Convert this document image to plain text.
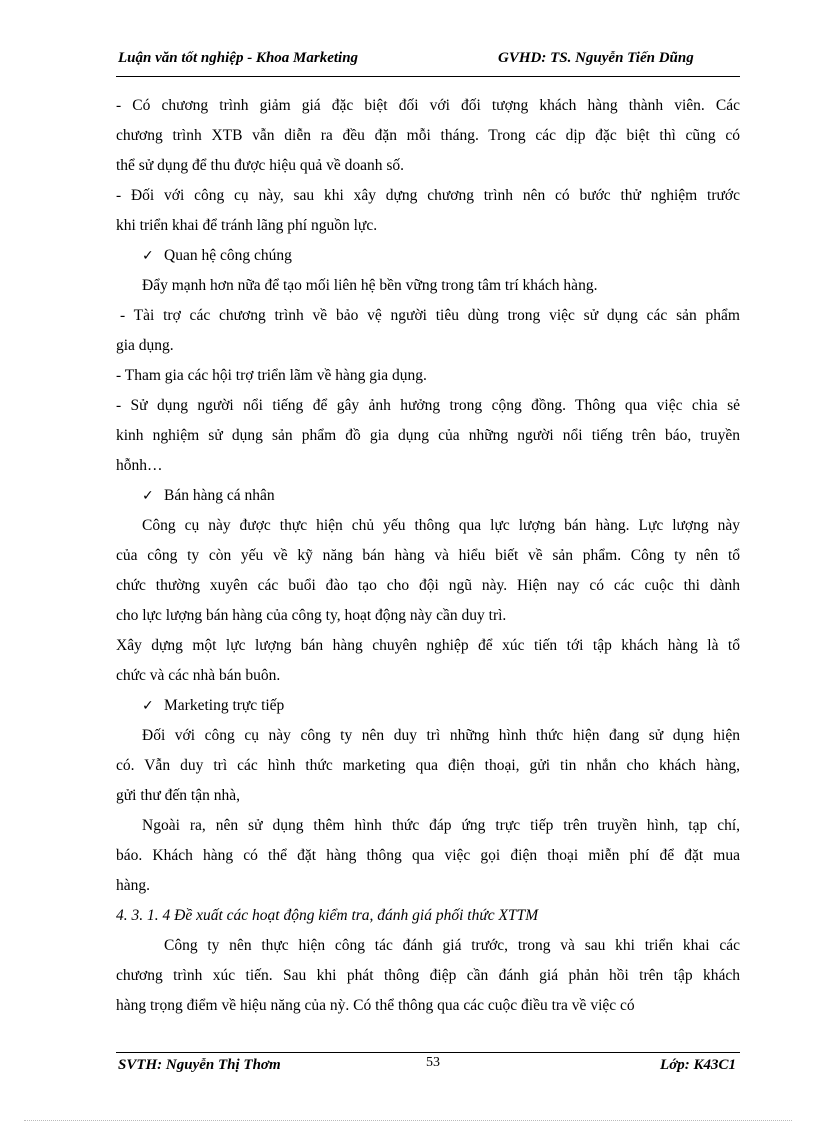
Luận văn tốt nghiệp - Khoa Marketing	GVHD: TS. Nguyễn Tiến Dũng
- Có chương trình giảm giá đặc biệt đối với đối tượng khách hàng thành viên. Các
chương trình XTB vẫn diễn ra đều đặn mỗi tháng. Trong các dịp đặc biệt thì cũng có
thể sử dụng để thu được hiệu quả về doanh số.
- Đối với công cụ này, sau khi xây dựng chương trình nên có bước thử nghiệm trước
khi triển khai để tránh lãng phí nguồn lực.
✓ Quan hệ công chúng
Đẩy mạnh hơn nữa để tạo mối liên hệ bền vững trong tâm trí khách hàng.
- Tài trợ các chương trình về bảo vệ người tiêu dùng trong việc sử dụng các sản phẩm
gia dụng.
- Tham gia các hội trợ triển lãm về hàng gia dụng.
- Sử dụng người nổi tiếng để gây ảnh hưởng trong cộng đồng. Thông qua việc chia sẻ
kinh nghiệm sử dụng sản phẩm đồ gia dụng của những người nổi tiếng trên báo, truyền
hỗnh…
✓ Bán hàng cá nhân
Công cụ này được thực hiện chủ yếu thông qua lực lượng bán hàng. Lực lượng này
của công ty còn yếu về kỹ năng bán hàng và hiểu biết về sản phẩm. Công ty nên tổ
chức thường xuyên các buổi đào tạo cho đội ngũ này. Hiện nay có các cuộc thi dành
cho lực lượng bán hàng của công ty, hoạt động này cần duy trì.
Xây dựng một lực lượng bán hàng chuyên nghiệp để xúc tiến tới tập khách hàng là tổ
chức và các nhà bán buôn.
✓ Marketing trực tiếp
Đối với công cụ này công ty nên duy trì những hình thức hiện đang sử dụng hiện
có. Vẫn duy trì các hình thức marketing qua điện thoại, gửi tin nhắn cho khách hàng,
gửi thư đến tận nhà,
Ngoài ra, nên sử dụng thêm hình thức đáp ứng trực tiếp trên truyền hình, tạp chí,
báo. Khách hàng có thể đặt hàng thông qua việc gọi điện thoại miễn phí để đặt mua
hàng.
4. 3. 1. 4 Đề xuất các hoạt động kiểm tra, đánh giá phối thức XTTM
Công ty nên thực hiện công tác đánh giá trước, trong và sau khi triển khai các
chương trình xúc tiến. Sau khi phát thông điệp cần đánh giá phản hồi trên tập khách
hàng trọng điểm về hiệu năng của nỳ. Có thể thông qua các cuộc điều tra về việc có
SVTH: Nguyễn Thị Thơm	53	Lớp: K43C1
